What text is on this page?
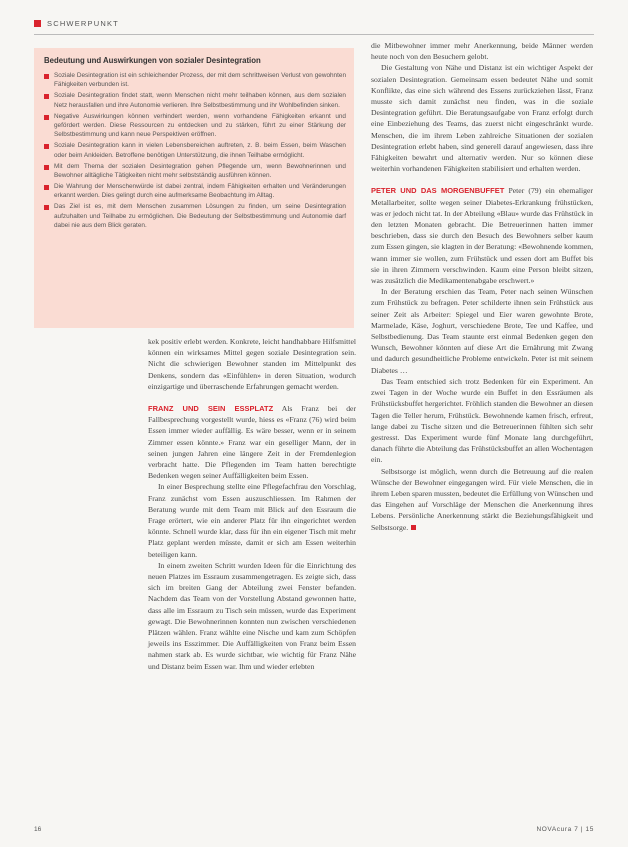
SCHWERPUNKT
Bedeutung und Auswirkungen von sozialer Desintegration
Soziale Desintegration ist ein schleichender Prozess, der mit dem schrittweisen Verlust von gewohnten Fähigkeiten verbunden ist.
Soziale Desintegration findet statt, wenn Menschen nicht mehr teilhaben können, aus dem sozialen Netz herausfallen und ihre Autonomie verlieren. Ihre Selbstbestimmung und ihr Wohlbefinden sinken.
Negative Auswirkungen können verhindert werden, wenn vorhandene Fähigkeiten erkannt und gefördert werden. Diese Ressourcen zu entdecken und zu stärken, führt zu einer Stärkung der Selbstbestimmung und kann neue Perspektiven eröffnen.
Soziale Desintegration kann in vielen Lebensbereichen auftreten, z. B. beim Essen, beim Waschen oder beim Ankleiden. Betroffene benötigen Unterstützung, die ihnen Teilhabe ermöglicht.
Mit dem Thema der sozialen Desintegration gehen Pflegende um, wenn Bewohnerinnen und Bewohner alltägliche Tätigkeiten nicht mehr selbstständig ausführen können.
Die Wahrung der Menschenwürde ist dabei zentral, indem Fähigkeiten erhalten und Veränderungen erkannt werden. Dies gelingt durch eine aufmerksame Beobachtung im Alltag.
Das Ziel ist es, mit dem Menschen zusammen Lösungen zu finden, um seine Desintegration aufzuhalten und Teilhabe zu ermöglichen. Die Bedeutung der Selbstbestimmung und Autonomie darf dabei nie aus dem Blick geraten.

kek positiv erlebt werden. Konkrete, leicht handhabbare Hilfsmittel können ein wirksames Mittel gegen soziale Desintegration sein. Nicht die schwierigen Bewohner standen im Mittelpunkt des Denkens, sondern das «Einfühlen» in deren Situation, wodurch einzigartige und überraschende Erfahrungen gemacht werden.

FRANZ UND SEIN ESSPLATZ Als Franz bei der Fallbesprechung vorgestellt wurde, hiess es «Franz (76) wird beim Essen immer wieder auffällig. Es wäre besser, wenn er in seinem Zimmer essen könnte.» Franz war ein geselliger Mann, der in seinen jungen Jahren eine längere Zeit in der Fremdenlegion verbracht hatte. Die Pflegenden im Team hatten berechtigte Bedenken wegen seiner Auffälligkeiten beim Essen.

In einer Besprechung stellte eine Pflegefachfrau den Vorschlag, Franz zunächst vom Essen auszuschliessen. Im Rahmen der Beratung wurde mit dem Team mit Blick auf den Essraum die Frage erörtert, wie ein anderer Platz für ihn eingerichtet werden könnte. Schnell wurde klar, dass für ihn ein eigener Tisch mit mehr Platz geplant werden müsste, damit er sich am Essen weiterhin beteiligen kann.

In einem zweiten Schritt wurden Ideen für die Einrichtung des neuen Platzes im Essraum zusammengetragen. Es zeigte sich, dass sich im breiten Gang der Abteilung zwei Fenster befanden. Nachdem das Team von der Vorstellung Abstand gewonnen hatte, dass alle im Essraum zu Tisch sein müssen, wurde das Experiment gewagt. Die Bewohnerinnen konnten nun zwischen verschiedenen Plätzen wählen. Franz wählte eine Nische und kam zum Schöpfen jeweils ins Esszimmer. Die Auffälligkeiten von Franz beim Essen nahmen stark ab. Es wurde sichtbar, wie wichtig für Franz Nähe und Distanz beim Essen war. Ihm und wieder erlebten

die Mitbewohner immer mehr Anerkennung, beide Männer werden heute noch von den Besuchern gelobt.

Die Gestaltung von Nähe und Distanz ist ein wichtiger Aspekt der sozialen Desintegration. Gemeinsam essen bedeutet Nähe und somit Konflikte, das eine sich während des Essens zurückziehen lässt, Franz musste sich damit zunächst neu finden, was in die soziale Desintegration geführt. Die Beratungsaufgabe von Franz erfolgt durch eine Einbeziehung des Teams, das zuerst nicht eingeschränkt wurde. Menschen, die im ihrem Leben zahlreiche Situationen der sozialen Desintegration erlebt haben, sind generell darauf angewiesen, dass ihre Fähigkeiten bewahrt und alternativ werden. Nur so können diese weiterhin vorhandenen Fähigkeiten stabilisiert und erhalten werden.

PETER UND DAS MORGENBUFFET Peter (79) ein ehemaliger Metallarbeiter, sollte wegen seiner Diabetes-Erkrankung frühstücken, was er jedoch nicht tat. In der Abteilung «Blau» wurde das Frühstück in den letzten Monaten gebracht. Die Betreuerinnen hatten immer beschrieben, dass sie durch den Besuch des Bewohners selber kaum zum Essen gingen, sie klagten in der Beratung: «Bewohnende kommen, wann immer sie wollen, zum Frühstück und essen dort am Buffet bis sie in ihren Zimmern verschwinden. Kaum eine Person bleibt sitzen, was zusätzlich die Medikamentenabgabe erschwert.»

In der Beratung erschien das Team, Peter nach seinen Wünschen zum Frühstück zu befragen. Peter schilderte ihnen sein Frühstück aus seiner Zeit als Arbeiter: Spiegel und Eier waren gewohnte Brote, Marmelade, Käse, Joghurt, verschiedene Brote, Tee und Kaffee, und Selbstbedienung. Das Team staunte erst einmal Bedenken gegen den Wunsch, Bewohner könnten auf diese Art die Ernährung mit Zwang und dadurch gesundheitliche Probleme entwickeln. Peter ist mit seinem Diabetes …

Das Team entschied sich trotz Bedenken für ein Experiment. An zwei Tagen in der Woche wurde ein Buffet in den Essräumen als Frühstücksbuffet hergerichtet. Fröhlich standen die Bewohner an diesen Tagen die Teller herum, Frühstück. Bewohnende kamen frisch, erfreut, lange dabei zu Tische sitzen und die Betreuerinnen fühlten sich sehr gestresst. Das Experiment wurde fünf Monate lang durchgeführt, danach führte die Abteilung das Frühstücksbuffet an allen Wochentagen ein.

Selbstsorge ist möglich, wenn durch die Betreuung auf die realen Wünsche der Bewohner eingegangen wird. Für viele Menschen, die in ihrem Leben sparen mussten, bedeutet die Erfüllung von Wünschen und das Eingehen auf Vorschläge der Menschen die Anerkennung ihres Lebens. Persönliche Anerkennung stärkt die Beziehungsfähigkeit und Selbstsorge.

16	NOVAcura 7 | 15
